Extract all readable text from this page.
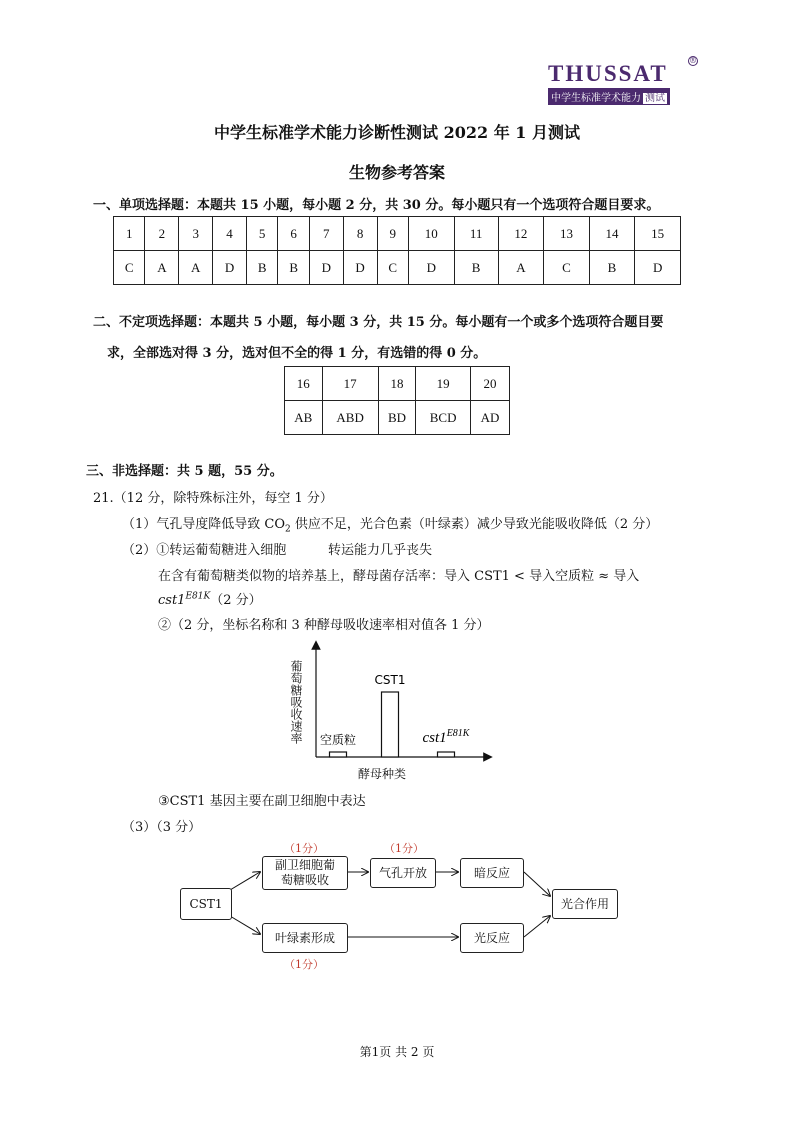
THUSSAT
中学生标准学术能力 测试
®
中学生标准学术能力诊断性测试 2022 年 1 月测试
生物参考答案
一、单项选择题：本题共 15 小题，每小题 2 分，共 30 分。每小题只有一个选项符合题目要求。
1	2	3	4	5	6	7	8	9	10	11	12	13	14	15
C	A	A	D	B	B	D	D	C	D	B	A	C	B	D
二、不定项选择题：本题共 5 小题，每小题 3 分，共 15 分。每小题有一个或多个选项符合题目要
求，全部选对得 3 分，选对但不全的得 1 分，有选错的得 0 分。
16	17	18	19	20
AB	ABD	BD	BCD	AD
三、非选择题：共 5 题，55 分。
21.（12 分，除特殊标注外，每空 1 分）
（1）气孔导度降低导致 $CO_2$ 供应不足，光合色素（叶绿素）减少导致光能吸收降低（2 分）
（2）①转运葡萄糖进入细胞	转运能力几乎丧失
在含有葡萄糖类似物的培养基上，酵母菌存活率：导入 CST1 < 导入空质粒 ≈ 导入
$cst1^{E81K}(2$ 分）
②（2 分，坐标名称和 3 种酵母吸收速率相对值各 1 分）
空质粒
CST1
$cst1^{E81K}$
葡萄糖吸收速率
酵母种类
③CST1 基因主要在副卫细胞中表达
（3）（3 分）
CST1
副卫细胞葡
萄糖吸收
气孔开放	暗反应
光合作用
叶绿素形成	光反应
（1分）	（1分）
（1分）
第1页 共 2 页
